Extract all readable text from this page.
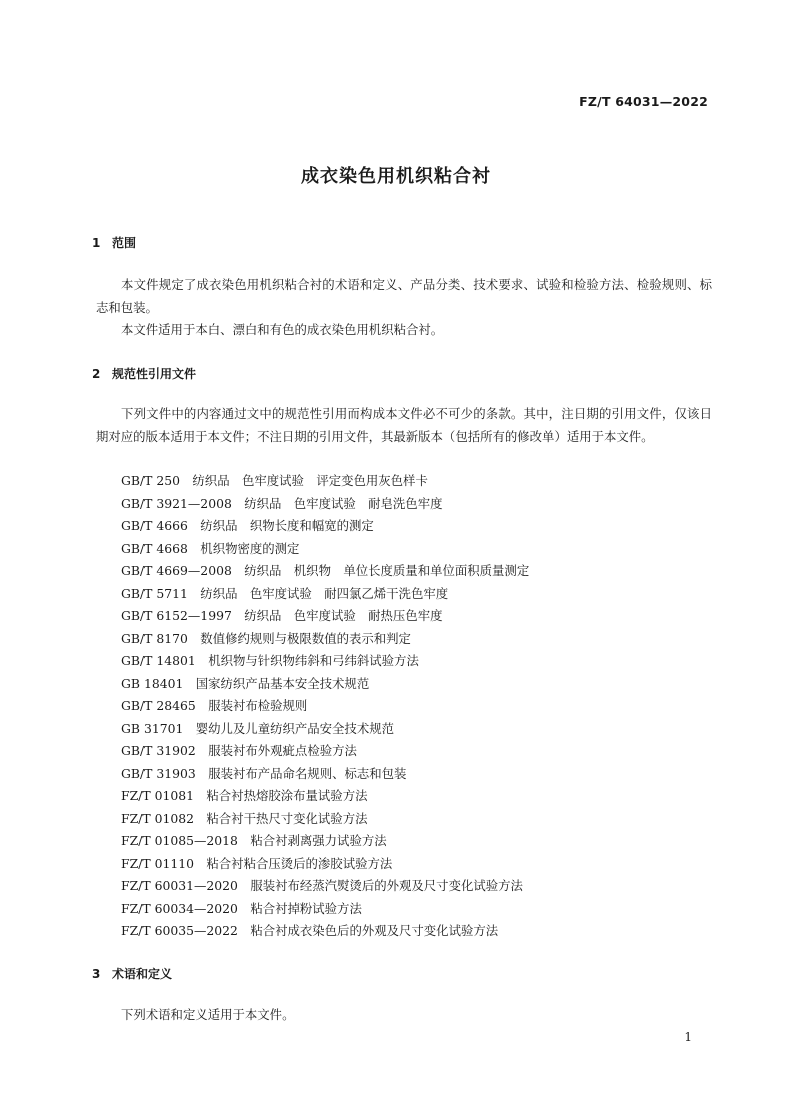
FZ/T 64031—2022
成衣染色用机织粘合衬
1 范围

本文件规定了成衣染色用机织粘合衬的术语和定义、产品分类、技术要求、试验和检验方法、检验规则、标志和包装。

本文件适用于本白、漂白和有色的成衣染色用机织粘合衬。

2 规范性引用文件

下列文件中的内容通过文中的规范性引用而构成本文件必不可少的条款。其中，注日期的引用文件，仅该日期对应的版本适用于本文件；不注日期的引用文件，其最新版本（包括所有的修改单）适用于本文件。

GB/T 250　纺织品　色牢度试验　评定变色用灰色样卡
GB/T 3921—2008　纺织品　色牢度试验　耐皂洗色牢度
GB/T 4666　纺织品　织物长度和幅宽的测定
GB/T 4668　机织物密度的测定
GB/T 4669—2008　纺织品　机织物　单位长度质量和单位面积质量测定
GB/T 5711　纺织品　色牢度试验　耐四氯乙烯干洗色牢度
GB/T 6152—1997　纺织品　色牢度试验　耐热压色牢度
GB/T 8170　数值修约规则与极限数值的表示和判定
GB/T 14801　机织物与针织物纬斜和弓纬斜试验方法
GB 18401　国家纺织产品基本安全技术规范
GB/T 28465　服装衬布检验规则
GB 31701　婴幼儿及儿童纺织产品安全技术规范
GB/T 31902　服装衬布外观疵点检验方法
GB/T 31903　服装衬布产品命名规则、标志和包装
FZ/T 01081　粘合衬热熔胶涂布量试验方法
FZ/T 01082　粘合衬干热尺寸变化试验方法
FZ/T 01085—2018　粘合衬剥离强力试验方法
FZ/T 01110　粘合衬粘合压烫后的渗胶试验方法
FZ/T 60031—2020　服装衬布经蒸汽熨烫后的外观及尺寸变化试验方法
FZ/T 60034—2020　粘合衬掉粉试验方法
FZ/T 60035—2022　粘合衬成衣染色后的外观及尺寸变化试验方法
3 术语和定义

下列术语和定义适用于本文件。

1
